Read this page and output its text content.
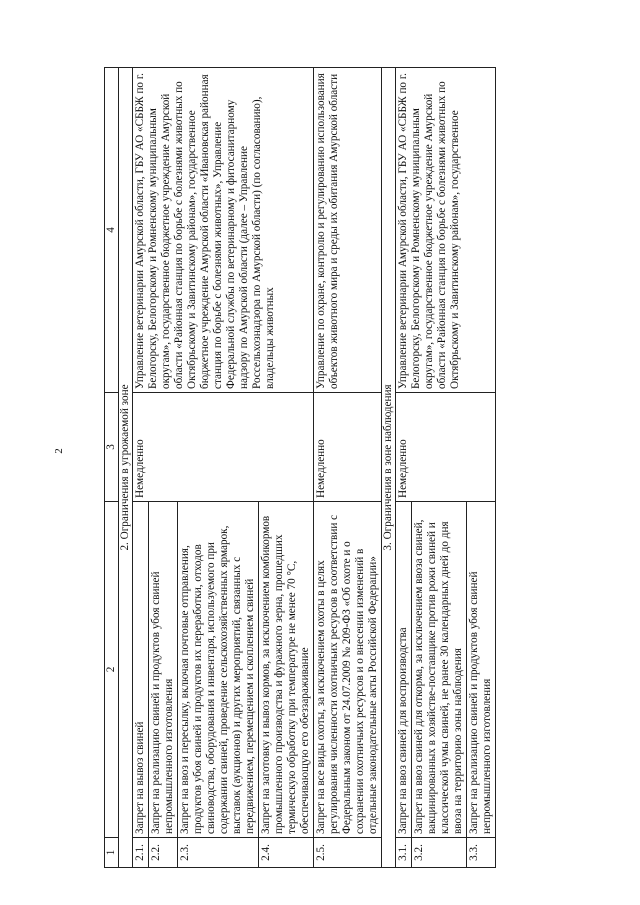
2
1	2	3	4
2. Ограничения в угрожаемой зоне			
2.1.	Запрет на вывоз свиней	Немедленно	Управление ветеринарии Амурской области, ГБУ АО «СББЖ по г. Белогорску, Белогорскому и Ромненскому муниципальным округам», государственное бюджетное учреждение Амурской области «Районная станция по борьбе с болезнями животных по Октябрьскому и Завитинскому районам», государственное бюджетное учреждение Амурской области «Ивановская районная станция по борьбе с болезнями животных», Управление Федеральной службы по ветеринарному и фитосанитарному надзору по Амурской области (далее – Управление Россельхознадзора по Амурской области) (по согласованию), владельцы животных
2.2.	Запрет на реализацию свиней и продуктов убоя свиней непромышленного изготовления		
2.3.	Запрет на ввоз и пересылку, включая почтовые отправления, продуктов убоя свиней и продуктов их переработки, отходов свиноводства, оборудования и инвентаря, используемого при содержании свиней, проведение сельскохозяйственных ярмарок, выставок (аукционов) и других мероприятий, связанных с передвижением, перемещением и скоплением свиней		
2.4.	Запрет на заготовку и вывоз кормов, за исключением комбикормов промышленного производства и фуражного зерна, прошедших термическую обработку при температуре не менее 70 °С, обеспечивающую его обеззараживание		
2.5.	Запрет на все виды охоты, за исключением охоты в целях регулирования численности охотничьих ресурсов в соответствии с Федеральным законом от 24.07.2009 № 209-ФЗ «Об охоте и о сохранении охотничьих ресурсов и о внесении изменений в отдельные законодательные акты Российской Федерации»	Немедленно	Управление по охране, контролю и регулированию использования объектов животного мира и среды их обитания Амурской области
3. Ограничения в зоне наблюдения			
3.1.	Запрет на ввоз свиней для воспроизводства	Немедленно	Управление ветеринарии Амурской области, ГБУ АО «СББЖ по г. Белогорску, Белогорскому и Ромненскому муниципальным округам», государственное бюджетное учреждение Амурской области «Районная станция по борьбе с болезнями животных по Октябрьскому и Завитинскому районам», государственное
3.2.	Запрет на ввоз свиней для откорма, за исключением ввоза свиней, вакцинированных в хозяйстве-поставщике против рожи свиней и классической чумы свиней, не ранее 30 календарных дней до дня ввоза на территорию зоны наблюдения		
3.3.	Запрет на реализацию свиней и продуктов убоя свиней непромышленного изготовления		
